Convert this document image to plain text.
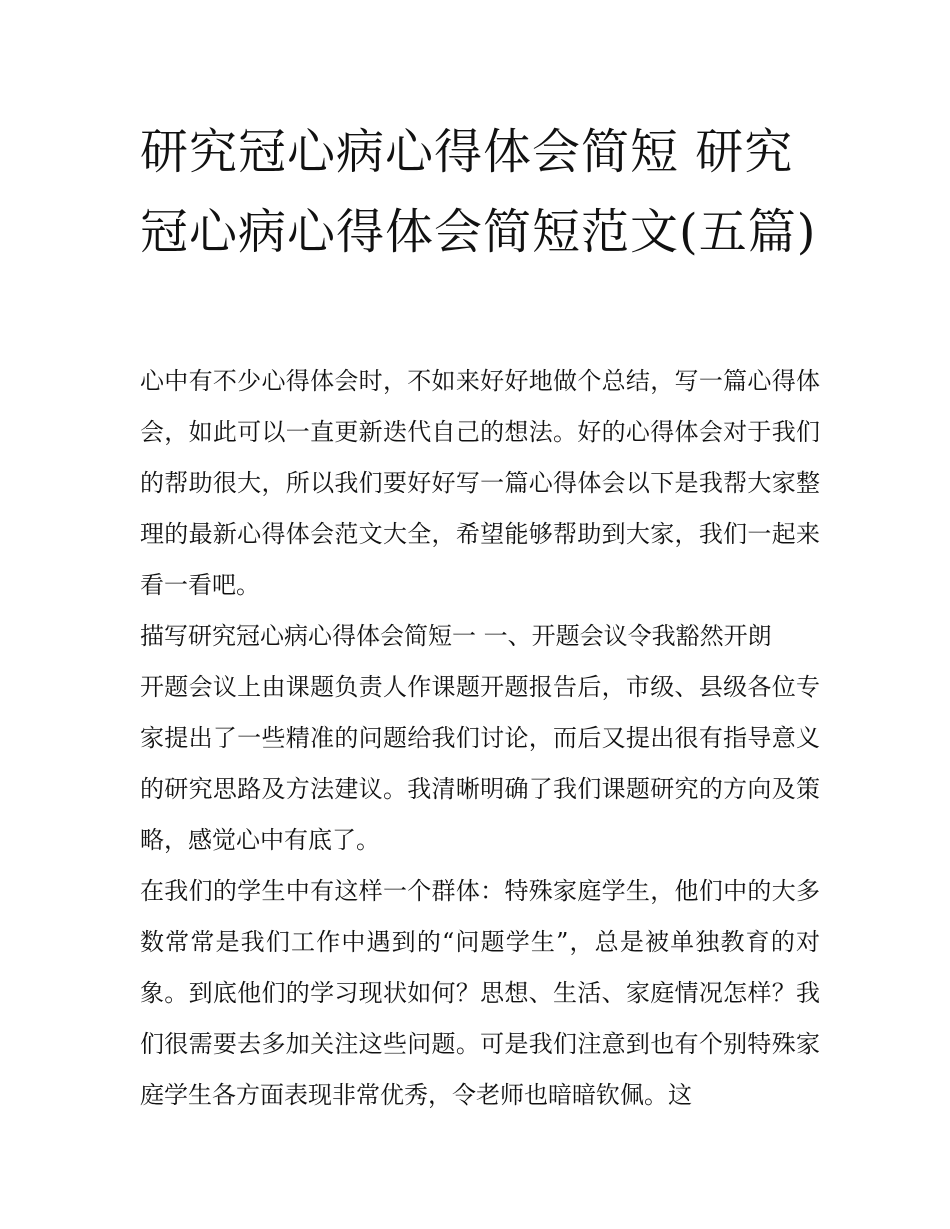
研究冠心病心得体会简短 研究冠心病心得体会简短范文(五篇)

心中有不少心得体会时，不如来好好地做个总结，写一篇心得体会，如此可以一直更新迭代自己的想法。好的心得体会对于我们的帮助很大，所以我们要好好写一篇心得体会以下是我帮大家整理的最新心得体会范文大全，希望能够帮助到大家，我们一起来看一看吧。

描写研究冠心病心得体会简短一 一、开题会议令我豁然开朗

开题会议上由课题负责人作课题开题报告后，市级、县级各位专家提出了一些精准的问题给我们讨论，而后又提出很有指导意义的研究思路及方法建议。我清晰明确了我们课题研究的方向及策略，感觉心中有底了。

在我们的学生中有这样一个群体：特殊家庭学生，他们中的大多数常常是我们工作中遇到的“问题学生”，总是被单独教育的对象。到底他们的学习现状如何？思想、生活、家庭情况怎样？我们很需要去多加关注这些问题。可是我们注意到也有个别特殊家庭学生各方面表现非常优秀，令老师也暗暗钦佩。这
